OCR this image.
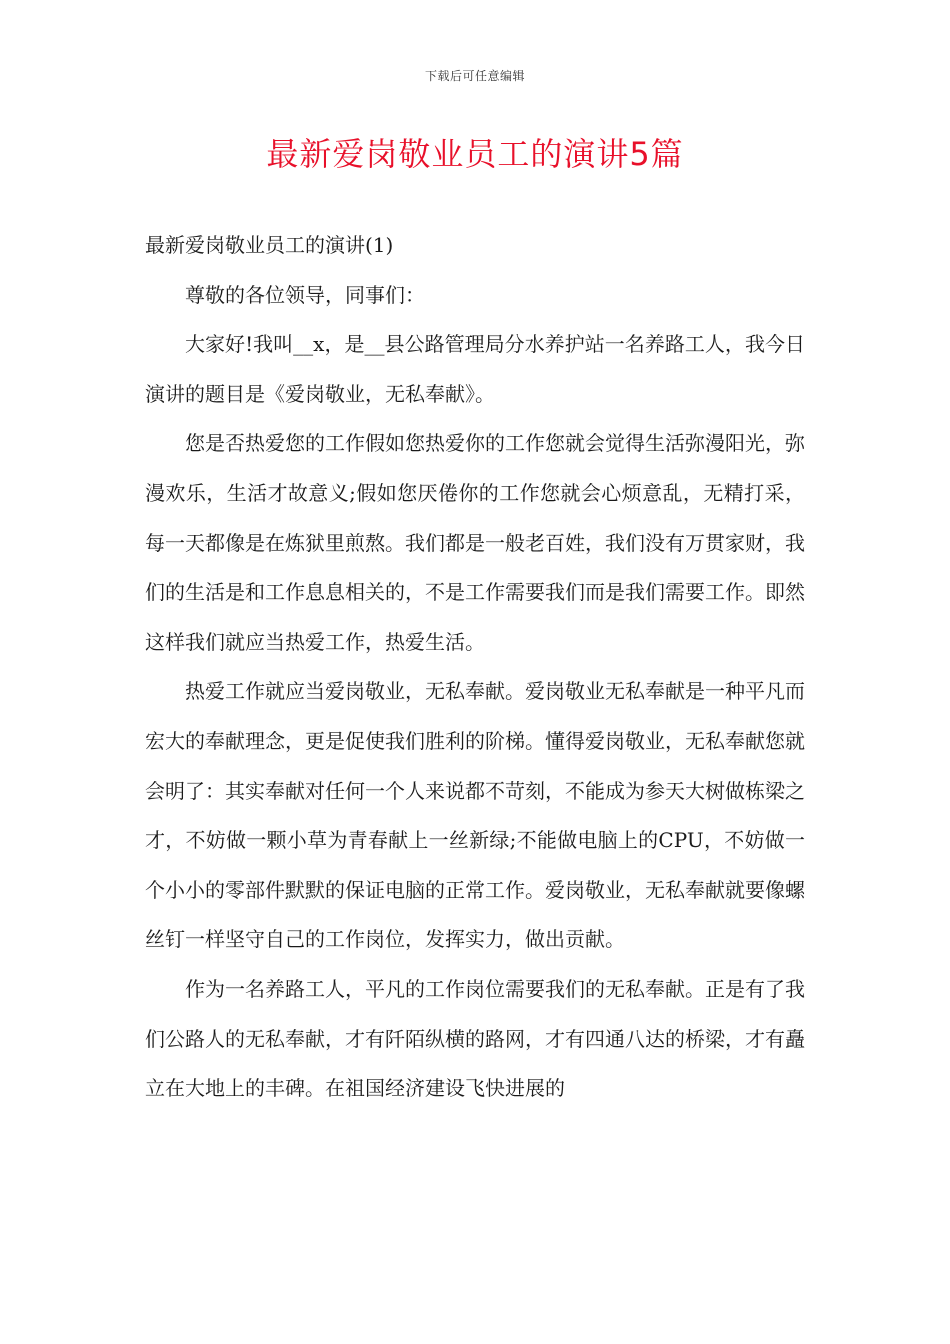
下载后可任意编辑
最新爱岗敬业员工的演讲5篇

最新爱岗敬业员工的演讲(1)

尊敬的各位领导，同事们：

大家好!我叫__x，是__县公路管理局分水养护站一名养路工人，我今日演讲的题目是《爱岗敬业，无私奉献》。

您是否热爱您的工作假如您热爱你的工作您就会觉得生活弥漫阳光，弥漫欢乐，生活才故意义;假如您厌倦你的工作您就会心烦意乱，无精打采，每一天都像是在炼狱里煎熬。我们都是一般老百姓，我们没有万贯家财，我们的生活是和工作息息相关的，不是工作需要我们而是我们需要工作。即然这样我们就应当热爱工作，热爱生活。

热爱工作就应当爱岗敬业，无私奉献。爱岗敬业无私奉献是一种平凡而宏大的奉献理念，更是促使我们胜利的阶梯。懂得爱岗敬业，无私奉献您就会明了：其实奉献对任何一个人来说都不苛刻，不能成为参天大树做栋梁之才，不妨做一颗小草为青春献上一丝新绿;不能做电脑上的CPU，不妨做一个小小的零部件默默的保证电脑的正常工作。爱岗敬业，无私奉献就要像螺丝钉一样坚守自己的工作岗位，发挥实力，做出贡献。

作为一名养路工人，平凡的工作岗位需要我们的无私奉献。正是有了我们公路人的无私奉献，才有阡陌纵横的路网，才有四通八达的桥梁，才有矗立在大地上的丰碑。在祖国经济建设飞快进展的
